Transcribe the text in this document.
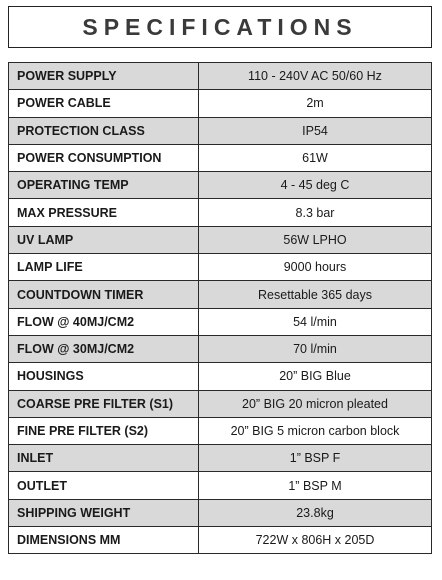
SPECIFICATIONS
POWER SUPPLY	110 - 240V AC 50/60 Hz
POWER CABLE	2m
PROTECTION CLASS	IP54
POWER CONSUMPTION	61W
OPERATING TEMP	4 - 45 deg C
MAX PRESSURE	8.3 bar
UV LAMP	56W LPHO
LAMP LIFE	9000 hours
COUNTDOWN TIMER	Resettable 365 days
FLOW @ 40MJ/CM2	54 l/min
FLOW @ 30MJ/CM2	70 l/min
HOUSINGS	20” BIG Blue
COARSE PRE FILTER (S1)	20” BIG 20 micron pleated
FINE PRE FILTER (S2)	20” BIG 5 micron carbon block
INLET	1” BSP F
OUTLET	1” BSP M
SHIPPING WEIGHT	23.8kg
DIMENSIONS MM	722W x 806H x 205D
